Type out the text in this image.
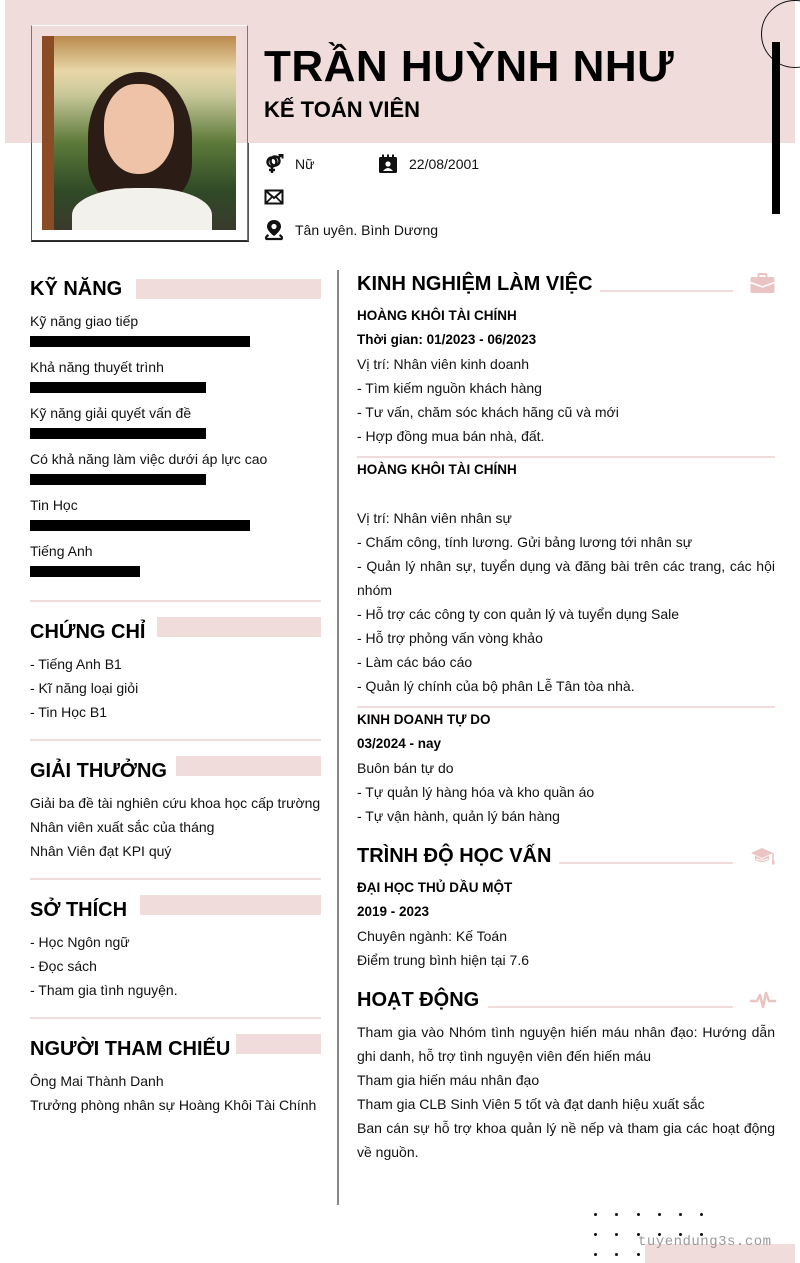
TRẦN HUỲNH NHƯ
KẾ TOÁN VIÊN
Nữ	22/08/2001
Tân uyên. Bình Dương
KỸ NĂNG
Kỹ năng giao tiếp
Khả năng thuyết trình
Kỹ năng giải quyết vấn đề
Có khả năng làm việc dưới áp lực cao
Tin Học
Tiếng Anh
CHỨNG CHỈ
- Tiếng Anh B1
- Kĩ năng loại giỏi
- Tin Học B1
GIẢI THƯỞNG
Giải ba đề tài nghiên cứu khoa học cấp trường
Nhân viên xuất sắc của tháng
Nhân Viên đạt KPI quý
SỞ THÍCH
- Học Ngôn ngữ
- Đọc sách
- Tham gia tình nguyện.
NGƯỜI THAM CHIẾU
Ông Mai Thành Danh
Trưởng phòng nhân sự Hoàng Khôi Tài Chính
KINH NGHIỆM LÀM VIỆC
HOÀNG KHÔI TÀI CHÍNH
Thời gian: 01/2023 - 06/2023
Vị trí: Nhân viên kinh doanh
- Tìm kiếm nguồn khách hàng
- Tư vấn, chăm sóc khách hãng cũ và mới
- Hợp đồng mua bán nhà, đất.
HOÀNG KHÔI TÀI CHÍNH
Vị trí: Nhân viên nhân sự
- Chấm công, tính lương. Gửi bảng lương tới nhân sự
- Quản lý nhân sự, tuyển dụng và đăng bài trên các trang, các hội nhóm
- Hỗ trợ các công ty con quản lý và tuyển dụng Sale
- Hỗ trợ phỏng vấn vòng khảo
- Làm các báo cáo
- Quản lý chính của bộ phân Lễ Tân tòa nhà.
KINH DOANH TỰ DO
03/2024 - nay
Buôn bán tự do
- Tự quản lý hàng hóa và kho quần áo
- Tự vận hành, quản lý bán hàng
TRÌNH ĐỘ HỌC VẤN
ĐẠI HỌC THỦ DẦU MỘT
2019 - 2023
Chuyên ngành: Kế Toán
Điểm trung bình hiện tại 7.6
HOẠT ĐỘNG
Tham gia vào Nhóm tình nguyện hiến máu nhân đạo: Hướng dẫn ghi danh, hỗ trợ tình nguyện viên đến hiến máu
Tham gia hiến máu nhân đạo
Tham gia CLB Sinh Viên 5 tốt và đạt danh hiệu xuất sắc
Ban cán sự hỗ trợ khoa quản lý nề nếp và tham gia các hoạt động về nguồn.
tuyendung3s.com
